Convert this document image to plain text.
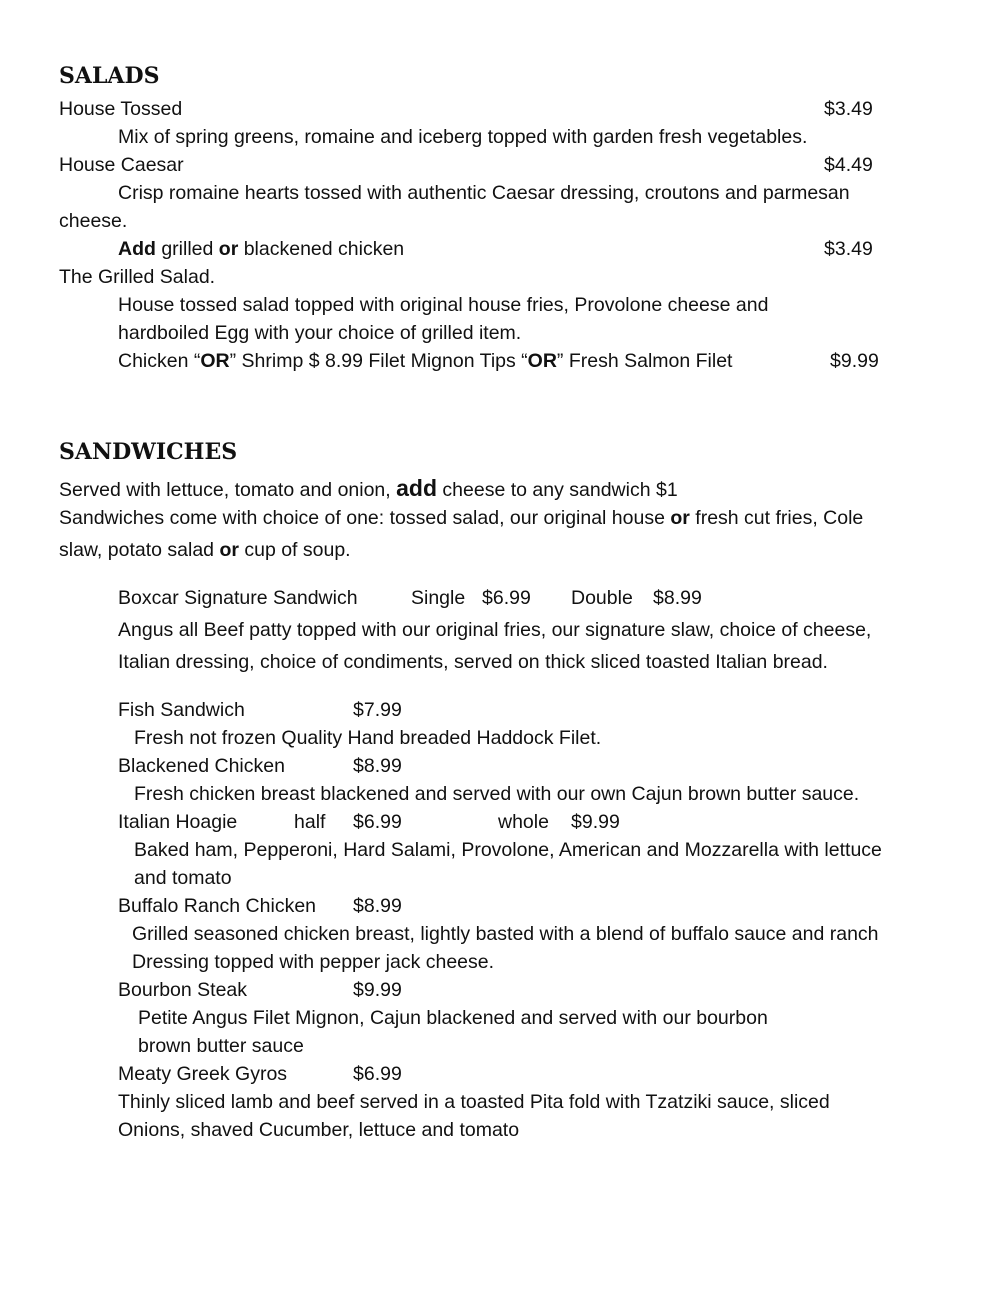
SALADS
House Tossed	$3.49
Mix of spring greens, romaine and iceberg topped with garden fresh vegetables.
House Caesar	$4.49
Crisp romaine hearts tossed with authentic Caesar dressing, croutons and parmesan
cheese.
Add grilled or blackened chicken	$3.49
The Grilled Salad.
House tossed salad topped with original house fries, Provolone cheese and
hardboiled Egg with your choice of grilled item.
Chicken “OR” Shrimp $ 8.99 Filet Mignon Tips “OR” Fresh Salmon Filet	$9.99
SANDWICHES
Served with lettuce, tomato and onion, add cheese to any sandwich $1
Sandwiches come with choice of one: tossed salad, our original house or fresh cut fries, Cole
slaw, potato salad or cup of soup.
Boxcar Signature Sandwich	Single $6.99 Double $8.99
Angus all Beef patty topped with our original fries, our signature slaw, choice of cheese,
Italian dressing, choice of condiments, served on thick sliced toasted Italian bread.
Fish Sandwich	$7.99
Fresh not frozen Quality Hand breaded Haddock Filet.
Blackened Chicken	$8.99
Fresh chicken breast blackened and served with our own Cajun brown butter sauce.
Italian Hoagie	half $6.99	whole $9.99
Baked ham, Pepperoni, Hard Salami, Provolone, American and Mozzarella with lettuce
and tomato
Buffalo Ranch Chicken $8.99
Grilled seasoned chicken breast, lightly basted with a blend of buffalo sauce and ranch
Dressing topped with pepper jack cheese.
Bourbon Steak	$9.99
Petite Angus Filet Mignon, Cajun blackened and served with our bourbon
brown butter sauce
Meaty Greek Gyros	$6.99
Thinly sliced lamb and beef served in a toasted Pita fold with Tzatziki sauce, sliced
Onions, shaved Cucumber, lettuce and tomato
